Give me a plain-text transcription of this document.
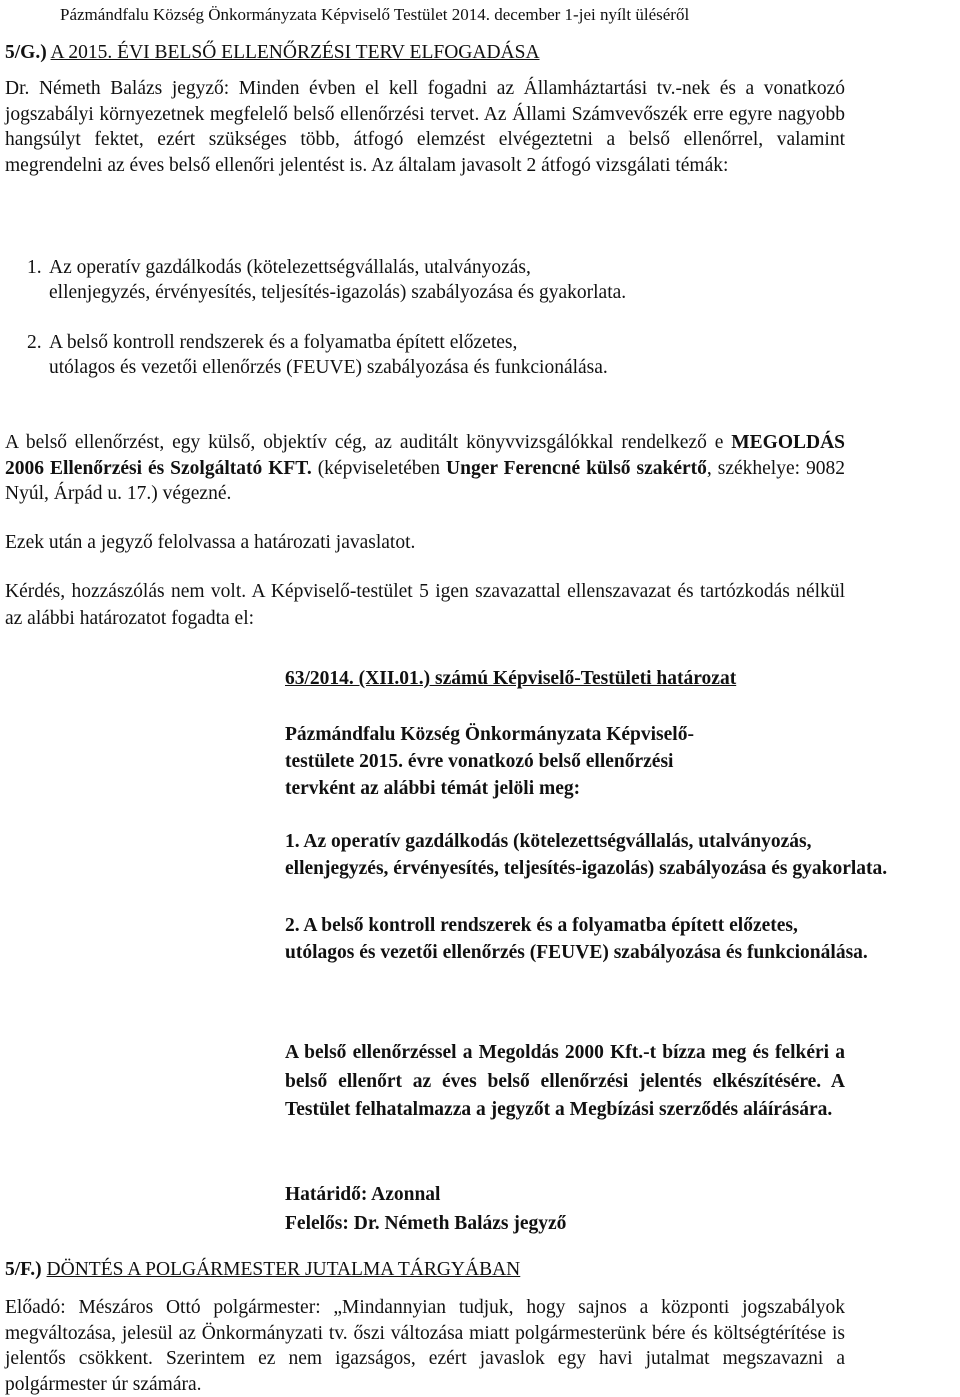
Pázmándfalu Község Önkormányzata Képviselő Testület 2014. december 1-jei nyílt üléséről
5/G.) A 2015. ÉVI BELSŐ ELLENŐRZÉSI TERV ELFOGADÁSA

Dr. Németh Balázs jegyző: Minden évben el kell fogadni az Államháztartási tv.-nek és a vonatkozó jogszabályi környezetnek megfelelő belső ellenőrzési tervet. Az Állami Számvevőszék erre egyre nagyobb hangsúlyt fektet, ezért szükséges több, átfogó elemzést elvégeztetni a belső ellenőrrel, valamint megrendelni az éves belső ellenőri jelentést is. Az általam javasolt 2 átfogó vizsgálati témák:

1. Az operatív gazdálkodás (kötelezettségvállalás, utalványozás,
ellenjegyzés, érvényesítés, teljesítés-igazolás) szabályozása és gyakorlata.
2. A belső kontroll rendszerek és a folyamatba épített előzetes,
utólagos és vezetői ellenőrzés (FEUVE) szabályozása és funkcionálása.

A belső ellenőrzést, egy külső, objektív cég, az auditált könyvvizsgálókkal rendelkező e MEGOLDÁS 2006 Ellenőrzési és Szolgáltató KFT. (képviseletében Unger Ferencné külső szakértő, székhelye: 9082 Nyúl, Árpád u. 17.) végezné.

Ezek után a jegyző felolvassa a határozati javaslatot.

Kérdés, hozzászólás nem volt. A Képviselő-testület 5 igen szavazattal ellenszavazat és tartózkodás nélkül az alábbi határozatot fogadta el:

63/2014. (XII.01.) számú Képviselő-Testületi határozat
Pázmándfalu Község Önkormányzata Képviselő-
testülete 2015. évre vonatkozó belső ellenőrzési
tervként az alábbi témát jelöli meg:
1. Az operatív gazdálkodás (kötelezettségvállalás, utalványozás,
ellenjegyzés, érvényesítés, teljesítés-igazolás) szabályozása és gyakorlata.
2. A belső kontroll rendszerek és a folyamatba épített előzetes,
utólagos és vezetői ellenőrzés (FEUVE) szabályozása és funkcionálása.

A belső ellenőrzéssel a Megoldás 2000 Kft.-t bízza meg és felkéri a belső ellenőrt az éves belső ellenőrzési jelentés elkészítésére. A Testület felhatalmazza a jegyzőt a Megbízási szerződés aláírására.

Határidő: Azonnal
Felelős: Dr. Németh Balázs jegyző
5/F.) DÖNTÉS A POLGÁRMESTER JUTALMA TÁRGYÁBAN

Előadó: Mészáros Ottó polgármester: „Mindannyian tudjuk, hogy sajnos a központi jogszabályok megváltozása, jelesül az Önkormányzati tv. őszi változása miatt polgármesterünk bére és költségtérítése is jelentős csökkent. Szerintem ez nem igazságos, ezért javaslok egy havi jutalmat megszavazni a polgármester úr számára.
